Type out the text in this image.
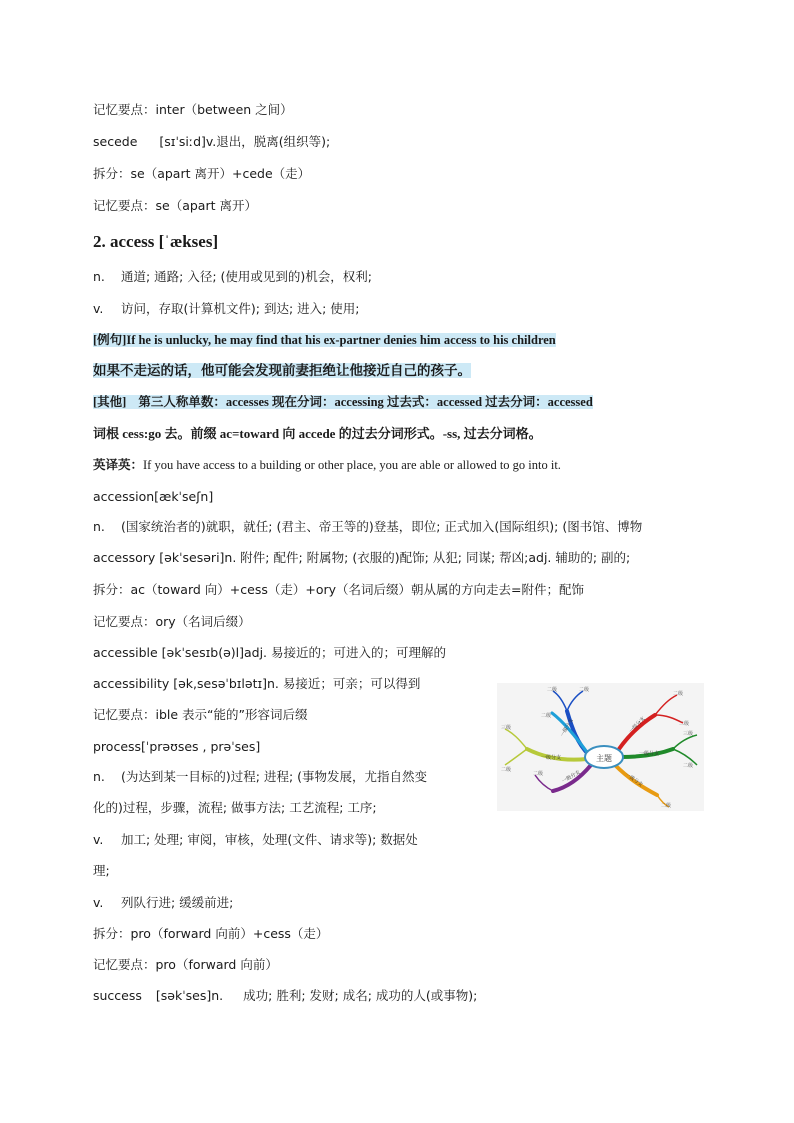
记忆要点：inter（between 之间）
secede [sɪˈsiːd]v.退出，脱离(组织等);
拆分：se（apart 离开）+cede（走）
记忆要点：se（apart 离开）
2. access [ˈækses]
n. 通道; 通路; 入径; (使用或见到的)机会，权利;
v. 访问，存取(计算机文件); 到达; 进入; 使用;
[例句]If he is unlucky, he may find that his ex-partner denies him access to his children
如果不走运的话，他可能会发现前妻拒绝让他接近自己的孩子。
[其他] 第三人称单数：accesses 现在分词：accessing 过去式：accessed 过去分词：accessed
词根 cess:go 去。前缀 ac=toward 向 accede 的过去分词形式。-ss, 过去分词格。
英译英：If you have access to a building or other place, you are able or allowed to go into it.
accession[ækˈseʃn]
n. (国家统治者的)就职，就任; (君主、帝王等的)登基，即位; 正式加入(国际组织); (图书馆、博物
accessory [əkˈsesəri]n. 附件; 配件; 附属物; (衣服的)配饰; 从犯; 同谋; 帮凶;adj. 辅助的; 副的;
拆分：ac（toward 向）+cess（走）+ory（名词后缀）朝从属的方向走去=附件；配饰
记忆要点：ory（名词后缀）
accessible [əkˈsesɪb(ə)l]adj. 易接近的；可进入的；可理解的
accessibility [ək,sesəˈbɪlətɪ]n. 易接近；可亲；可以得到
记忆要点：ible 表示“能的”形容词后缀
process[ˈprəʊses , prəˈses]
n. (为达到某一目标的)过程; 进程; (事物发展，尤指自然变
化的)过程，步骤，流程; 做事方法; 工艺流程; 工序;
v. 加工; 处理; 审阅，审核，处理(文件、请求等); 数据处
理;
v. 列队行进; 缓缓前进;
拆分：pro（forward 向前）+cess（走）
记忆要点：pro（forward 向前）
success [səkˈses]n. 成功; 胜利; 发财; 成名; 成功的人(或事物);
主题
一级分支	一级分支
一级分支
一级分支
一级分支
一级分支
二级	二级
二级
二级
二级
三级
二级
二级
二级
三级
二级
